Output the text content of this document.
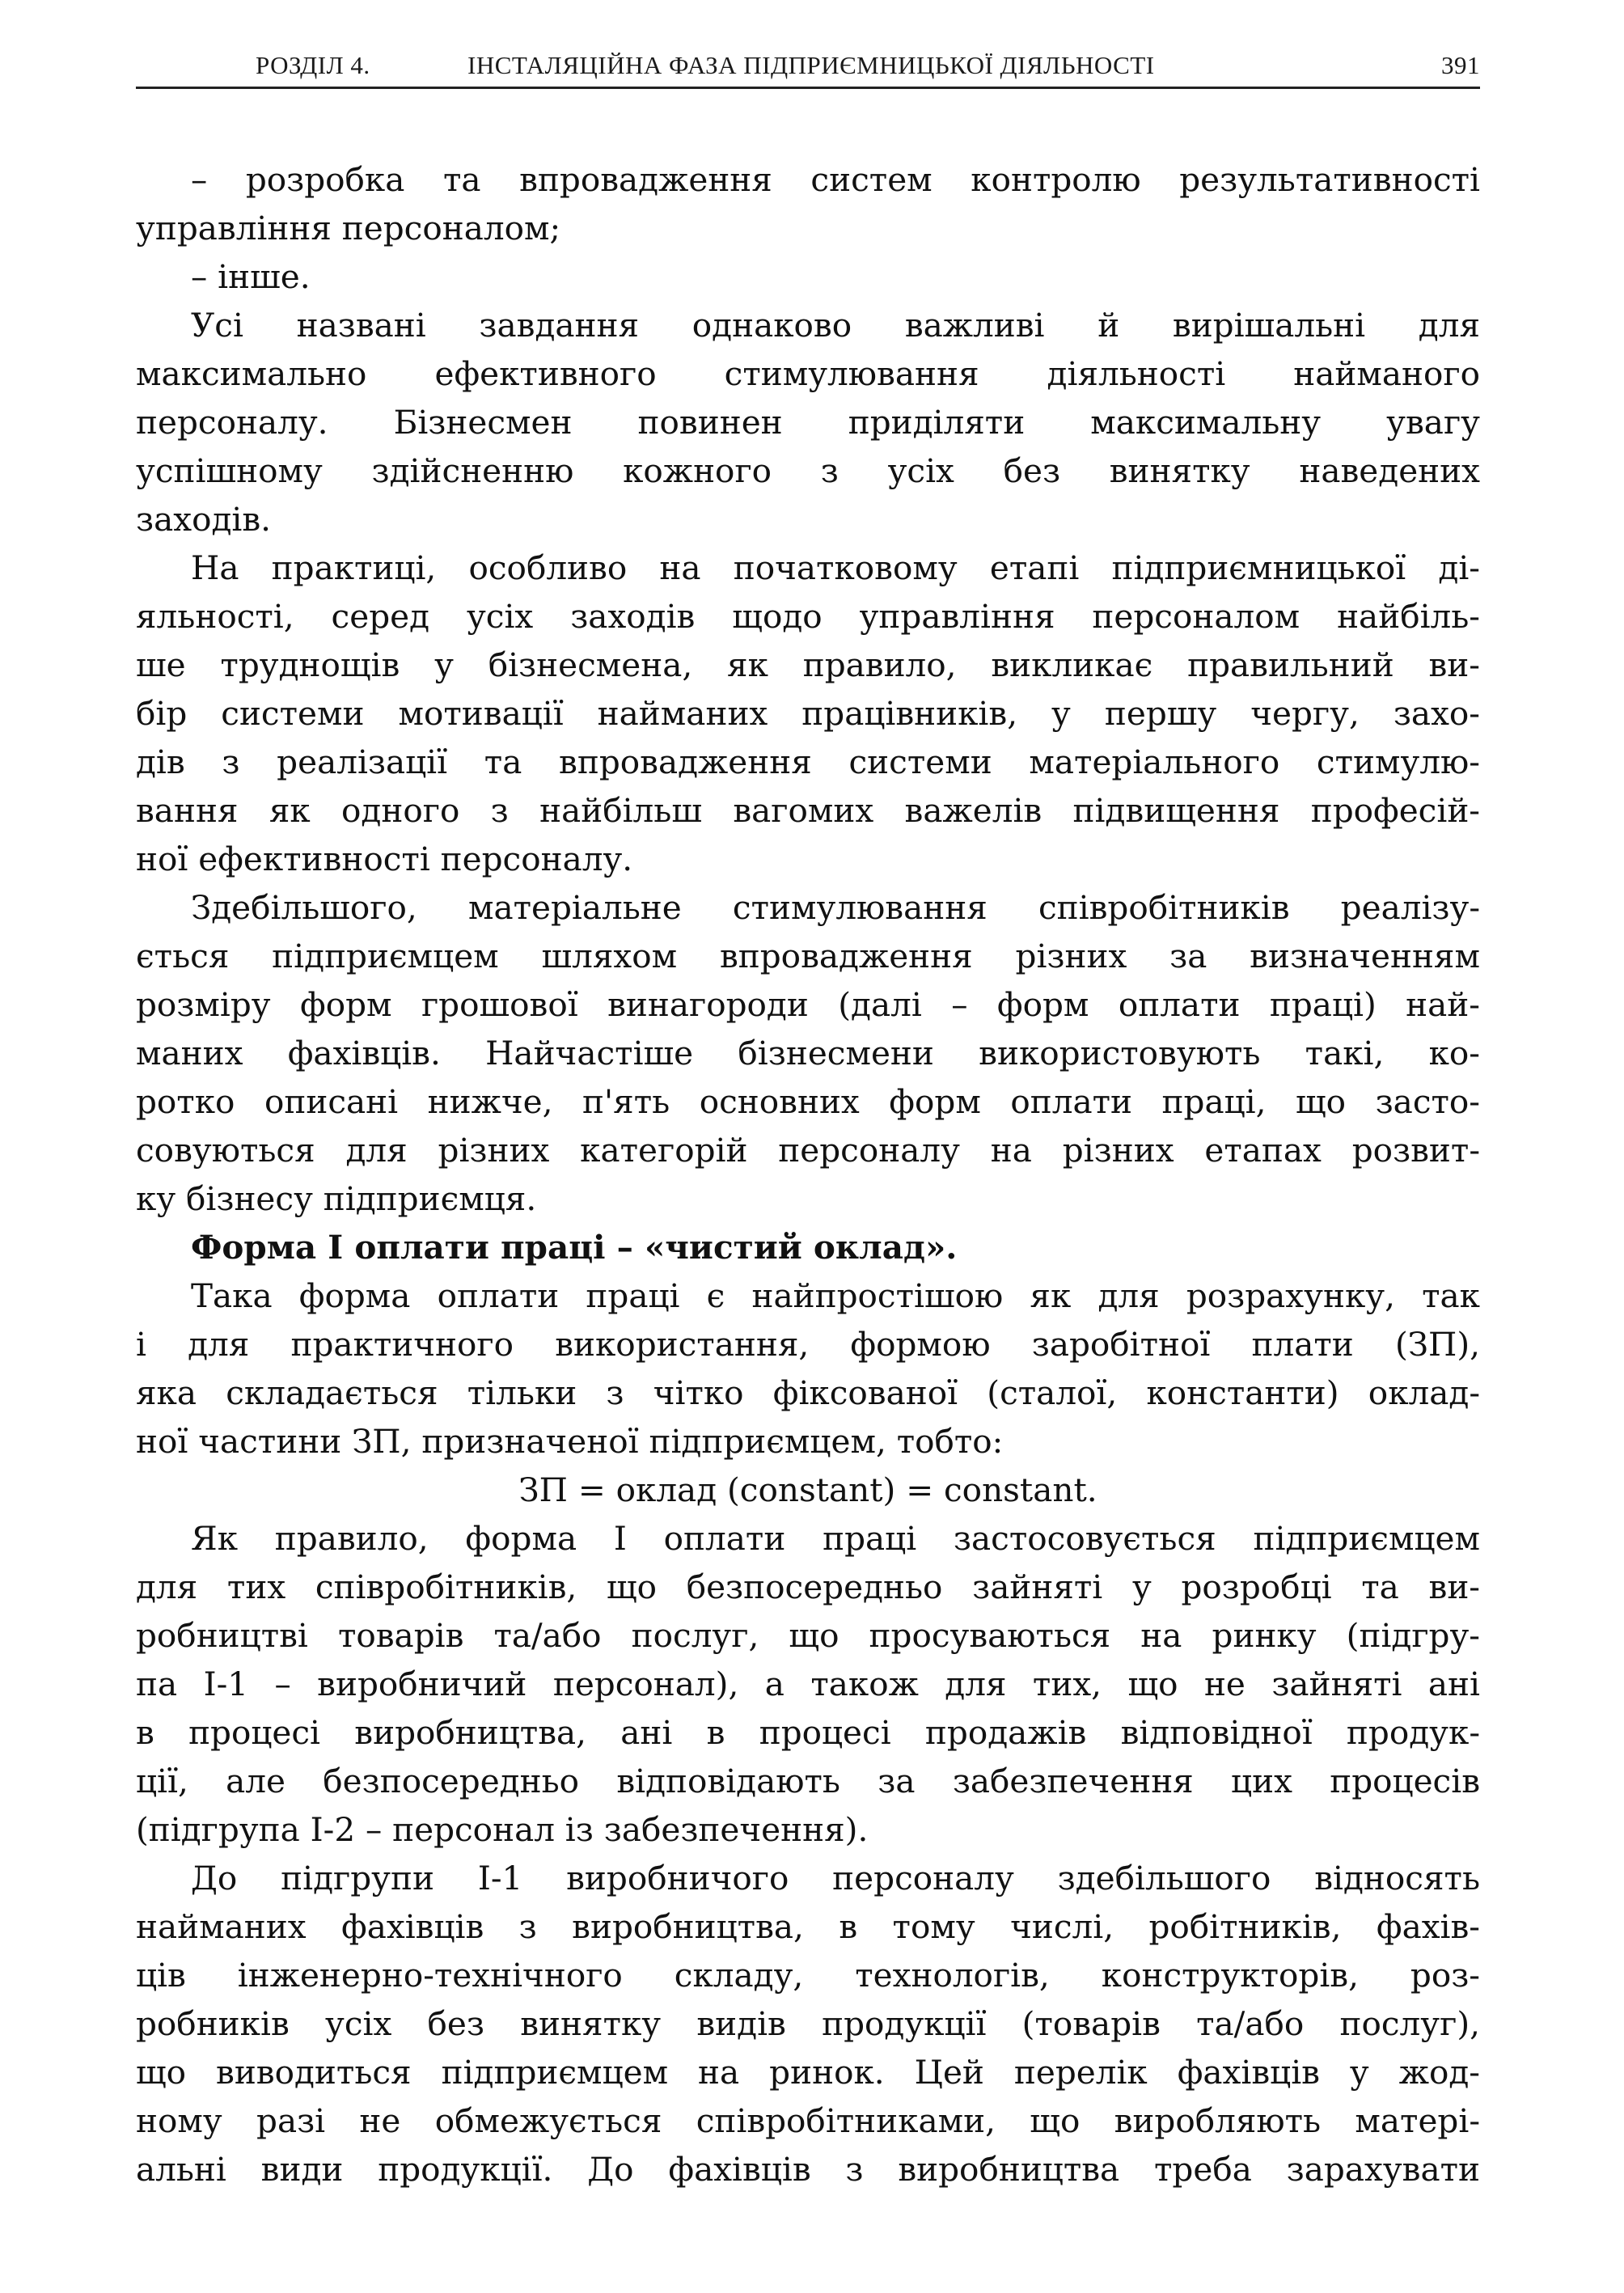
РОЗДІЛ 4.	ІНСТАЛЯЦІЙНА ФАЗА ПІДПРИЄМНИЦЬКОЇ ДІЯЛЬНОСТІ	391
– розробка та впровадження систем контролю результативності
управління персоналом;
– інше.
Усі названі завдання однаково важливі й вирішальні для
максимально ефективного стимулювання діяльності найманого
персоналу. Бізнесмен повинен приділяти максимальну увагу
успішному здійсненню кожного з усіх без винятку наведених
заходів.
На практиці, особливо на початковому етапі підприємницької ді-
яльності, серед усіх заходів щодо управління персоналом найбіль-
ше труднощів у бізнесмена, як правило, викликає правильний ви-
бір системи мотивації найманих працівників, у першу чергу, захо-
дів з реалізації та впровадження системи матеріального стимулю-
вання як одного з найбільш вагомих важелів підвищення професій-
ної ефективності персоналу.
Здебільшого, матеріальне стимулювання співробітників реалізу-
ється підприємцем шляхом впровадження різних за визначенням
розміру форм грошової винагороди (далі – форм оплати праці) най-
маних фахівців. Найчастіше бізнесмени використовують такі, ко-
ротко описані нижче, п'ять основних форм оплати праці, що засто-
совуються для різних категорій персоналу на різних етапах розвит-
ку бізнесу підприємця.
Форма І оплати праці – «чистий оклад».
Така форма оплати праці є найпростішою як для розрахунку, так
і для практичного використання, формою заробітної плати (ЗП),
яка складається тільки з чітко фіксованої (сталої, константи) оклад-
ної частини ЗП, призначеної підприємцем, тобто:
ЗП = оклад (constant) = constant.
Як правило, форма І оплати праці застосовується підприємцем
для тих співробітників, що безпосередньо зайняті у розробці та ви-
робництві товарів та/або послуг, що просуваються на ринку (підгру-
па І-1 – виробничий персонал), а також для тих, що не зайняті ані
в процесі виробництва, ані в процесі продажів відповідної продук-
ції, але безпосередньо відповідають за забезпечення цих процесів
(підгрупа І-2 – персонал із забезпечення).
До підгрупи І-1 виробничого персоналу здебільшого відносять
найманих фахівців з виробництва, в тому числі, робітників, фахів-
ців інженерно-технічного складу, технологів, конструкторів, роз-
робників усіх без винятку видів продукції (товарів та/або послуг),
що виводиться підприємцем на ринок. Цей перелік фахівців у жод-
ному разі не обмежується співробітниками, що виробляють матері-
альні види продукції. До фахівців з виробництва треба зарахувати
